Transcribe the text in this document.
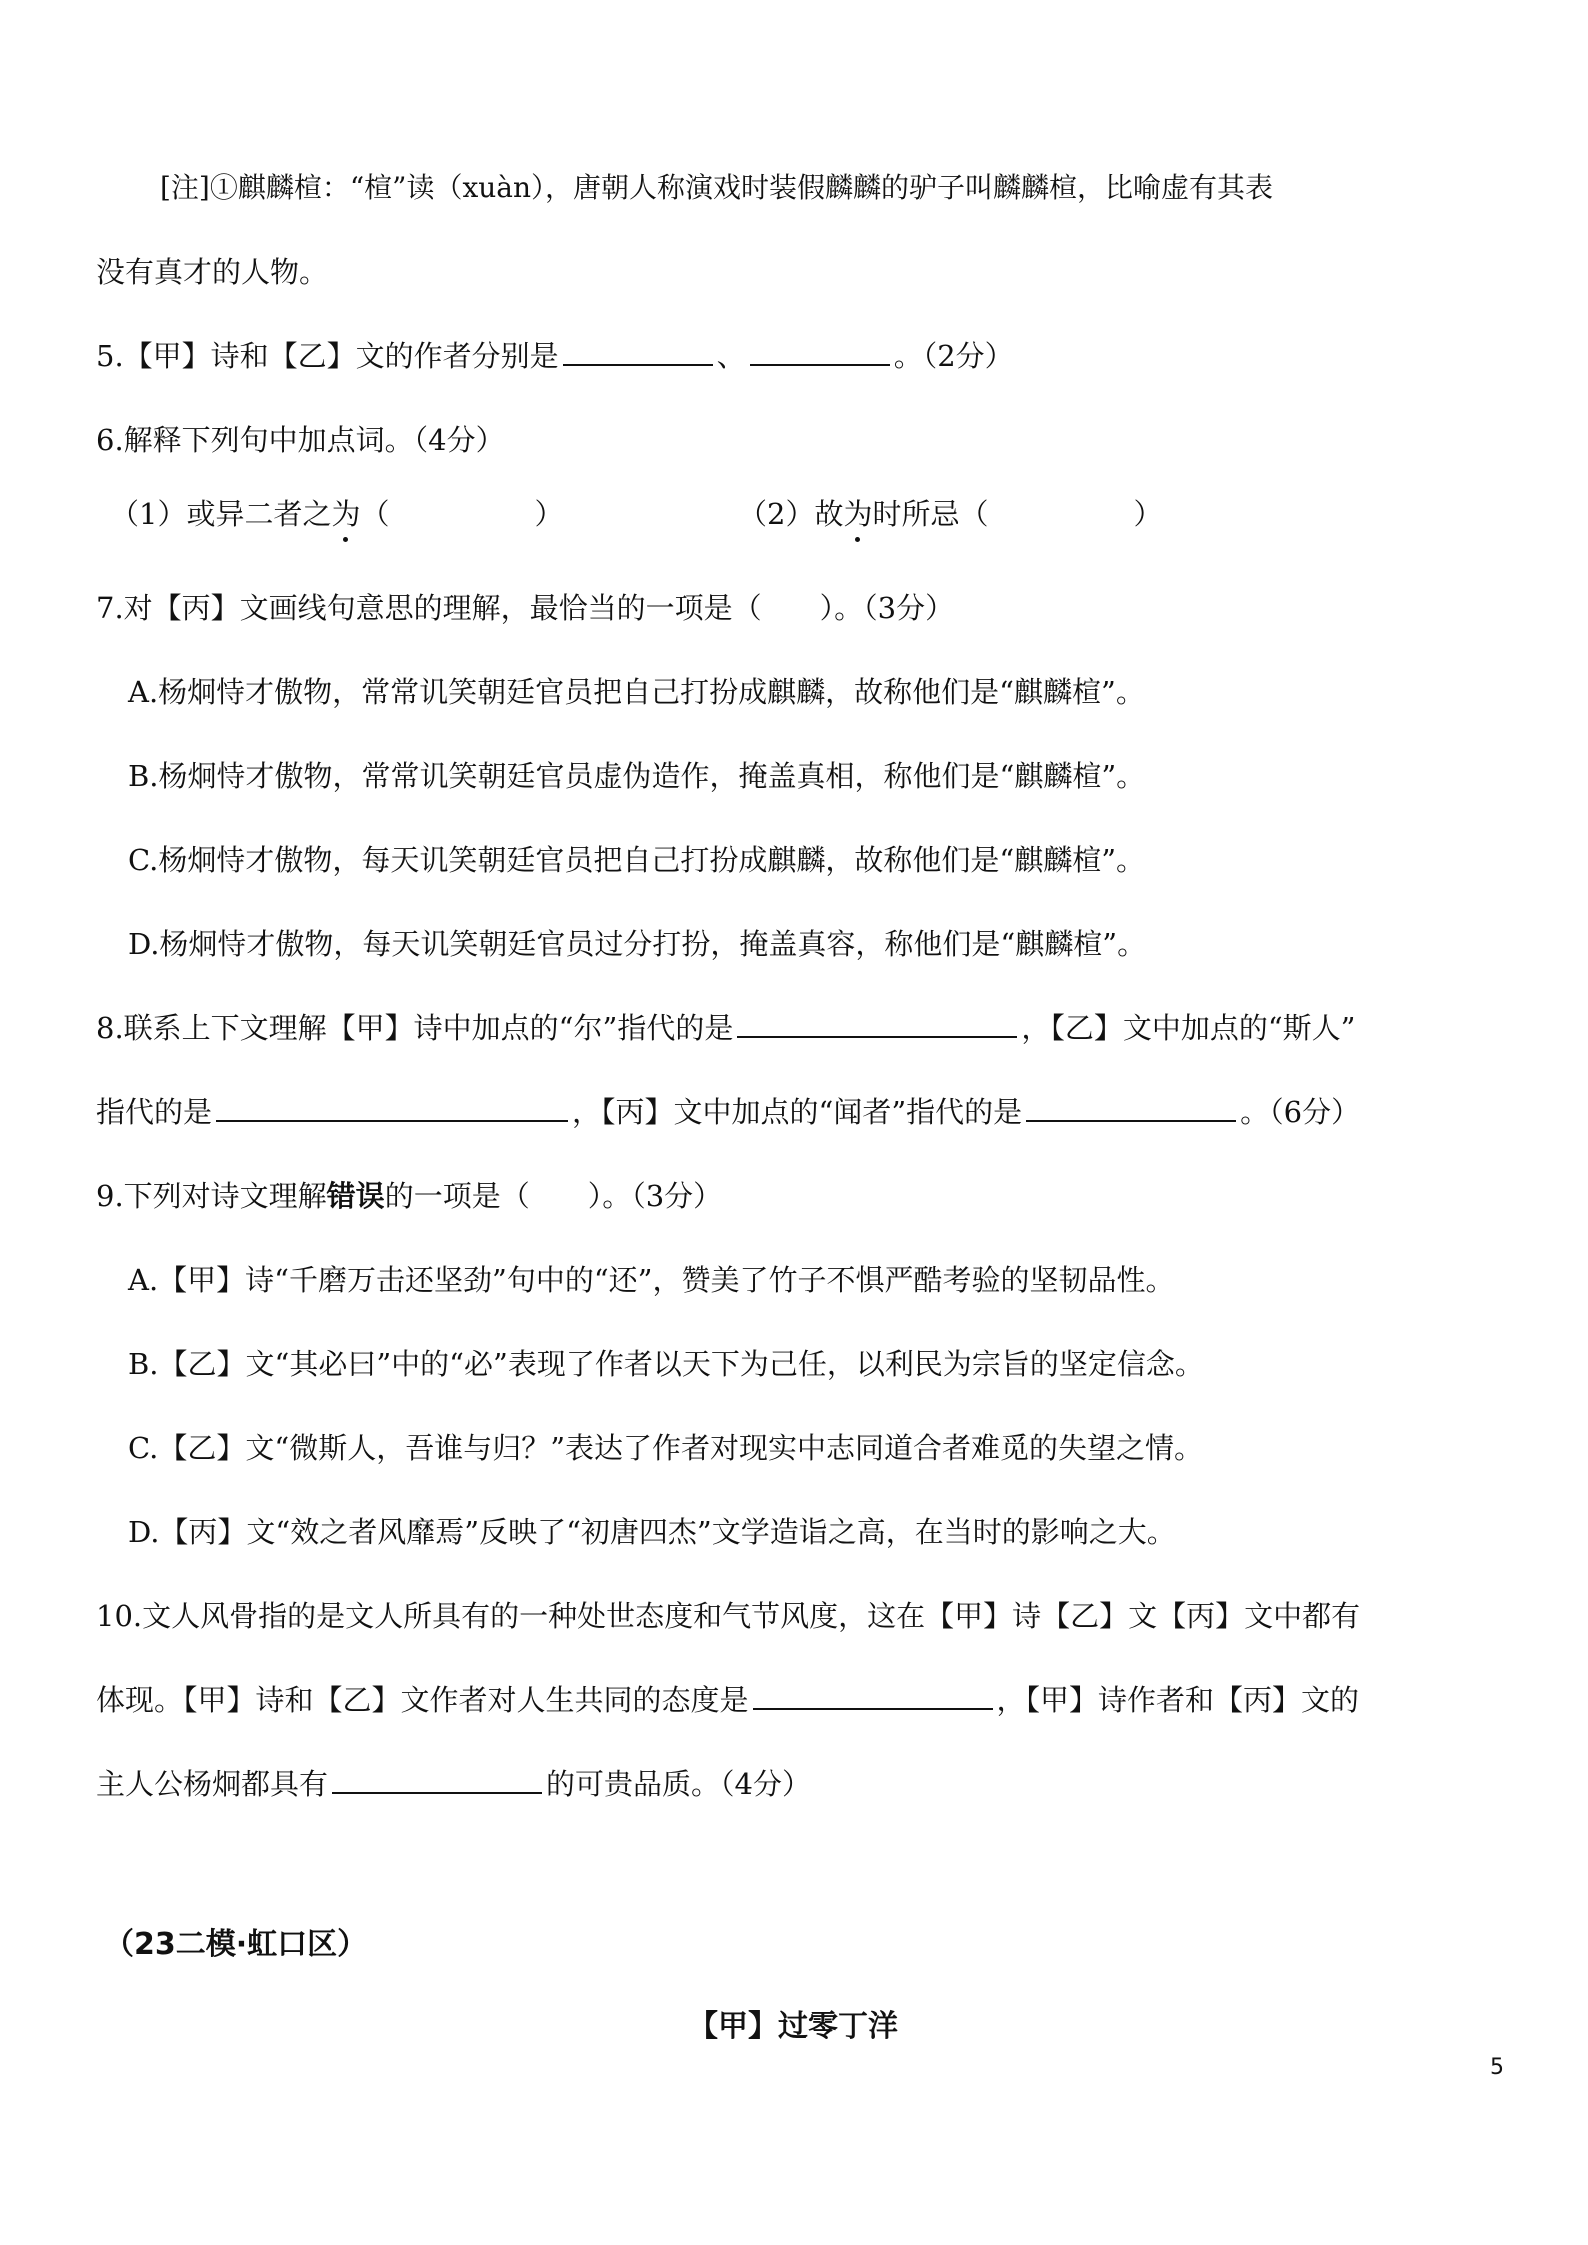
[注]①麒麟楦：“楦”读（xuàn），唐朝人称演戏时装假麟麟的驴子叫麟麟楦，比喻虚有其表
没有真才的人物。
5.【甲】诗和【乙】文的作者分别是	、	。（2分）
6.解释下列句中加点词。（4分）
（1）或异二者之为（　　　　　）	（2）故为时所忌（　　　　　）
7.对【丙】文画线句意思的理解，最恰当的一项是（　　）。（3分）
A.杨炯恃才傲物，常常讥笑朝廷官员把自己打扮成麒麟，故称他们是“麒麟楦”。
B.杨炯恃才傲物，常常讥笑朝廷官员虚伪造作，掩盖真相，称他们是“麒麟楦”。
C.杨炯恃才傲物，每天讥笑朝廷官员把自己打扮成麒麟，故称他们是“麒麟楦”。
D.杨炯恃才傲物，每天讥笑朝廷官员过分打扮，掩盖真容，称他们是“麒麟楦”。
8.联系上下文理解【甲】诗中加点的“尔”指代的是	，【乙】文中加点的“斯人”
指代的是	，【丙】文中加点的“闻者”指代的是	。（6分）
9.下列对诗文理解错误的一项是（　　）。（3分）
A.【甲】诗“千磨万击还坚劲”句中的“还”，赞美了竹子不惧严酷考验的坚韧品性。
B.【乙】文“其必曰”中的“必”表现了作者以天下为己任，以利民为宗旨的坚定信念。
C.【乙】文“微斯人，吾谁与归？”表达了作者对现实中志同道合者难觅的失望之情。
D.【丙】文“效之者风靡焉”反映了“初唐四杰”文学造诣之高，在当时的影响之大。
10.文人风骨指的是文人所具有的一种处世态度和气节风度，这在【甲】诗【乙】文【丙】文中都有
体现。【甲】诗和【乙】文作者对人生共同的态度是	，【甲】诗作者和【丙】文的
主人公杨炯都具有	的可贵品质。（4分）
（23二模·虹口区）
【甲】过零丁洋
5
